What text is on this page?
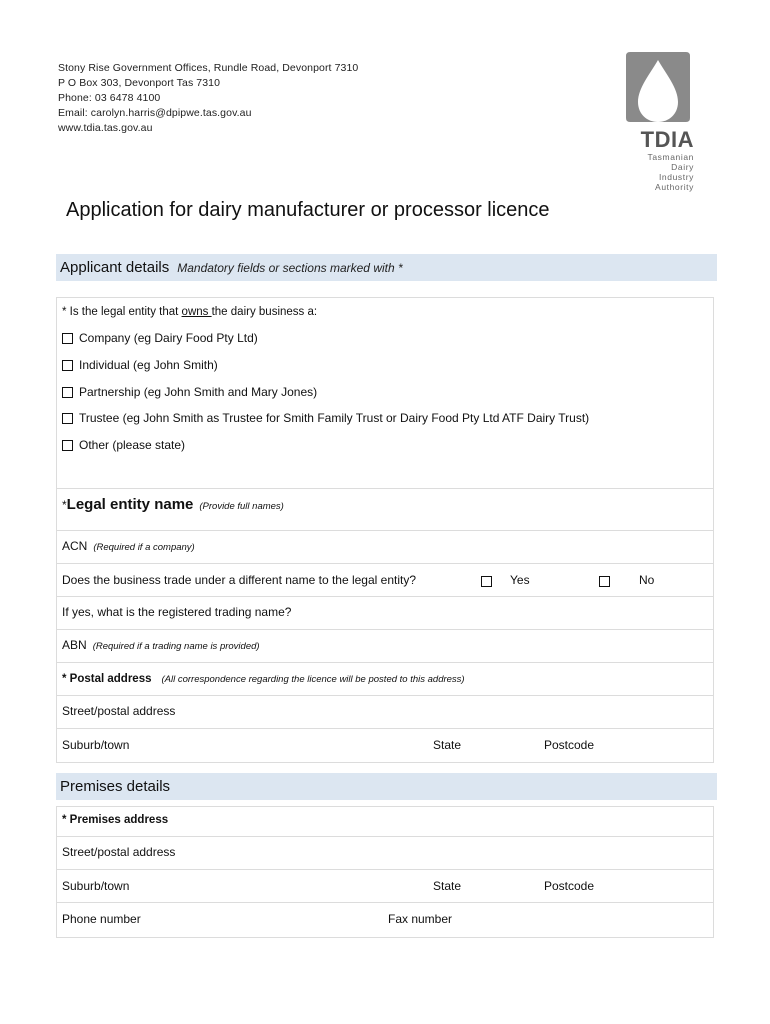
Stony Rise Government Offices, Rundle Road, Devonport 7310
P O Box 303, Devonport Tas 7310
Phone: 03 6478 4100
Email: carolyn.harris@dpipwe.tas.gov.au
www.tdia.tas.gov.au	TDIA
Tasmanian
Dairy
Industry
Authority
Application for dairy manufacturer or processor licence
Applicant details Mandatory fields or sections marked with *
* Is the legal entity that owns the dairy business a:
Company (eg Dairy Food Pty Ltd)
Individual (eg John Smith)
Partnership (eg John Smith and Mary Jones)
Trustee (eg John Smith as Trustee for Smith Family Trust or Dairy Food Pty Ltd ATF Dairy Trust)
Other (please state)
*Legal entity name (Provide full names)
ACN (Required if a company)
Does the business trade under a different name to the legal entity?	Yes	No
If yes, what is the registered trading name?
ABN (Required if a trading name is provided)
* Postal address (All correspondence regarding the licence will be posted to this address)
Street/postal address
Suburb/town	State	Postcode
Premises details
* Premises address
Street/postal address
Suburb/town	State	Postcode
Phone number	Fax number
